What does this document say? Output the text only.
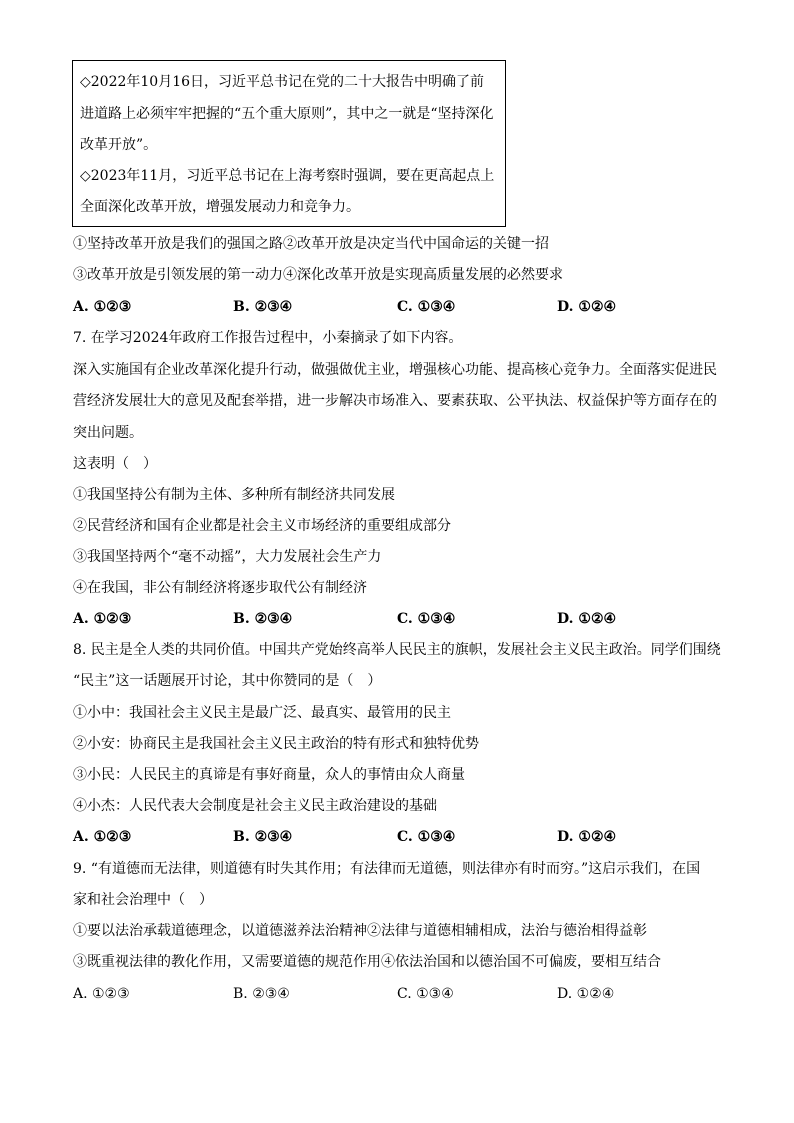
◇2022年10月16日，习近平总书记在党的二十大报告中明确了前
进道路上必须牢牢把握的“五个重大原则”，其中之一就是“坚持深化
改革开放”。
◇2023年11月，习近平总书记在上海考察时强调，要在更高起点上
全面深化改革开放，增强发展动力和竞争力。
①坚持改革开放是我们的强国之路②改革开放是决定当代中国命运的关键一招
③改革开放是引领发展的第一动力④深化改革开放是实现高质量发展的必然要求
A. ①②③	B. ②③④	C. ①③④	D. ①②④
7. 在学习2024年政府工作报告过程中，小秦摘录了如下内容。
深入实施国有企业改革深化提升行动，做强做优主业，增强核心功能、提高核心竞争力。全面落实促进民
营经济发展壮大的意见及配套举措，进一步解决市场准入、要素获取、公平执法、权益保护等方面存在的
突出问题。
这表明（　）
①我国坚持公有制为主体、多种所有制经济共同发展
②民营经济和国有企业都是社会主义市场经济的重要组成部分
③我国坚持两个“毫不动摇”，大力发展社会生产力
④在我国，非公有制经济将逐步取代公有制经济
A. ①②③	B. ②③④	C. ①③④	D. ①②④
8. 民主是全人类的共同价值。中国共产党始终高举人民民主的旗帜，发展社会主义民主政治。同学们围绕
“民主”这一话题展开讨论，其中你赞同的是（　）
①小中：我国社会主义民主是最广泛、最真实、最管用的民主
②小安：协商民主是我国社会主义民主政治的特有形式和独特优势
③小民：人民民主的真谛是有事好商量，众人的事情由众人商量
④小杰：人民代表大会制度是社会主义民主政治建设的基础
A. ①②③	B. ②③④	C. ①③④	D. ①②④
9. “有道德而无法律，则道德有时失其作用；有法律而无道德，则法律亦有时而穷。”这启示我们，在国
家和社会治理中（　）
①要以法治承载道德理念，以道德滋养法治精神②法律与道德相辅相成，法治与德治相得益彰
③既重视法律的教化作用，又需要道德的规范作用④依法治国和以德治国不可偏废，要相互结合
A. ①②③	B. ②③④	C. ①③④	D. ①②④
